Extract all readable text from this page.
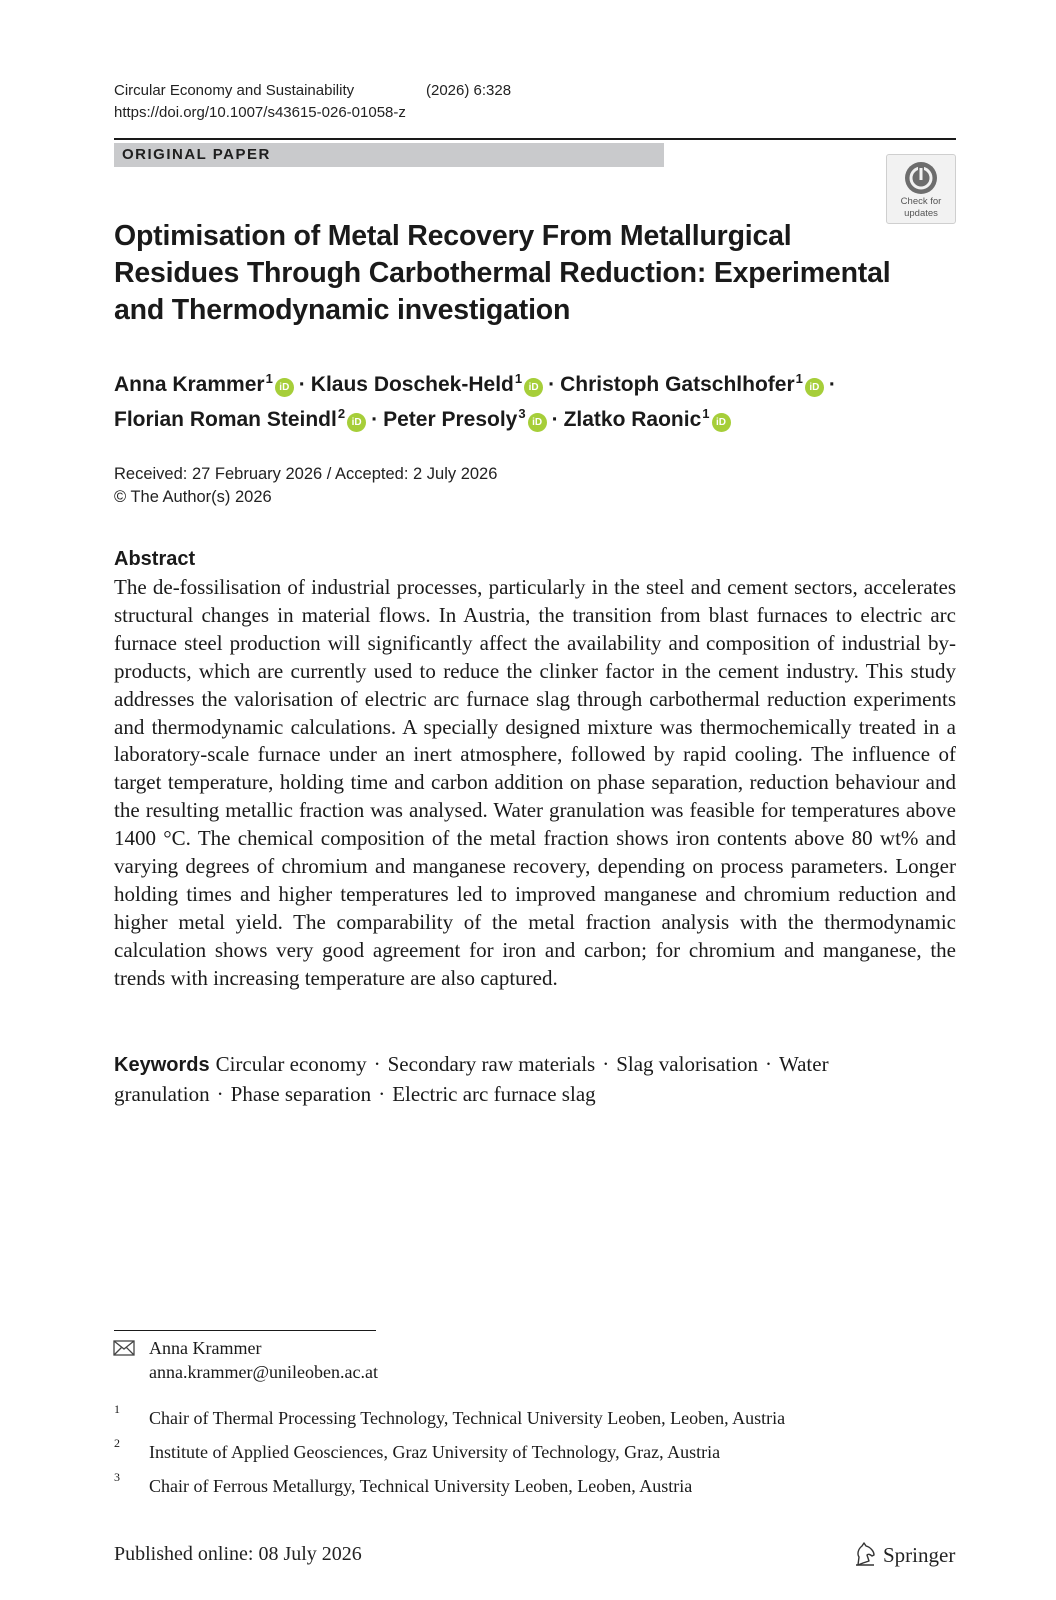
Circular Economy and Sustainability	(2026) 6:328
https://doi.org/10.1007/s43615-026-01058-z
ORIGINAL PAPER
Check for
updates
Optimisation of Metal Recovery From Metallurgical Residues Through Carbothermal Reduction: Experimental and Thermodynamic investigation
Anna Krammer$^1$iD · Klaus Doschek-Held$^1$iD · Christoph Gatschlhofer$^1$iD ·
Florian Roman Steindl$^2$iD · Peter Presoly$^3$iD · Zlatko Raonic$^1$iD
Received: 27 February 2026 / Accepted: 2 July 2026
© The Author(s) 2026
Abstract
The de-fossilisation of industrial processes, particularly in the steel and cement sectors, accelerates structural changes in material flows. In Austria, the transition from blast furnaces to electric arc furnace steel production will significantly affect the availability and composition of industrial by-products, which are currently used to reduce the clinker factor in the cement industry. This study addresses the valorisation of electric arc furnace slag through carbothermal reduction experiments and thermodynamic calculations. A specially designed mixture was thermochemically treated in a laboratory-scale furnace under an inert atmosphere, followed by rapid cooling. The influence of target temperature, holding time and carbon addition on phase separation, reduction behaviour and the resulting metallic fraction was analysed. Water granulation was feasible for temperatures above 1400 °C. The chemical composition of the metal fraction shows iron contents above 80 wt% and varying degrees of chromium and manganese recovery, depending on process parameters. Longer holding times and higher temperatures led to improved manganese and chromium reduction and higher metal yield. The comparability of the metal fraction analysis with the thermodynamic calculation shows very good agreement for iron and carbon; for chromium and manganese, the trends with increasing temperature are also captured.
Keywords Circular economy · Secondary raw materials · Slag valorisation · Water granulation · Phase separation · Electric arc furnace slag
Anna Krammer
anna.krammer@unileoben.ac.at
1 Chair of Thermal Processing Technology, Technical University Leoben, Leoben, Austria
2 Institute of Applied Geosciences, Graz University of Technology, Graz, Austria
3 Chair of Ferrous Metallurgy, Technical University Leoben, Leoben, Austria
Published online: 08 July 2026	Springer
